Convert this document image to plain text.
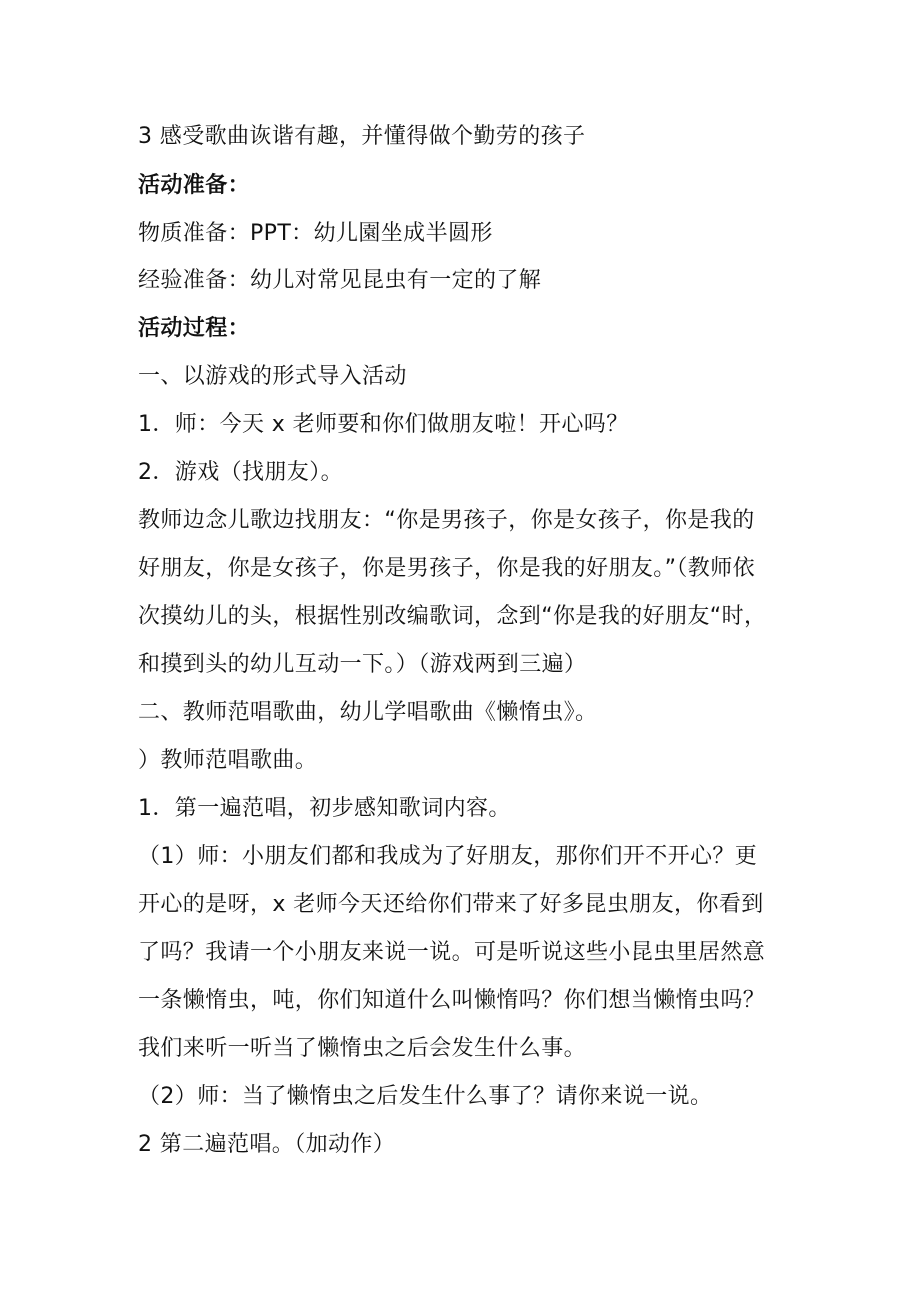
3 感受歌曲诙谐有趣，并懂得做个勤劳的孩子
活动准备：
物质准备：PPT：幼儿園坐成半圆形
经验准备：幼儿对常见昆虫有一定的了解
活动过程：
一、以游戏的形式导入活动
1．师：今天 x 老师要和你们做朋友啦！开心吗？
2．游戏（找朋友）。
教师边念儿歌边找朋友：“你是男孩子，你是女孩子，你是我的
好朋友，你是女孩子，你是男孩子，你是我的好朋友。”（教师依
次摸幼儿的头，根据性别改编歌词，念到“你是我的好朋友“时，
和摸到头的幼儿互动一下。）（游戏两到三遍）
二、教师范唱歌曲，幼儿学唱歌曲《懒惰虫》。
）教师范唱歌曲。
1．第一遍范唱，初步感知歌词内容。
（1）师：小朋友们都和我成为了好朋友，那你们开不开心？更
开心的是呀，x 老师今天还给你们带来了好多昆虫朋友，你看到
了吗？我请一个小朋友来说一说。可是听说这些小昆虫里居然意
一条懒惰虫，吨，你们知道什么叫懒惰吗？你们想当懒惰虫吗？
我们来听一听当了懒惰虫之后会发生什么事。
（2）师：当了懒惰虫之后发生什么事了？请你来说一说。
2 第二遍范唱。（加动作）
